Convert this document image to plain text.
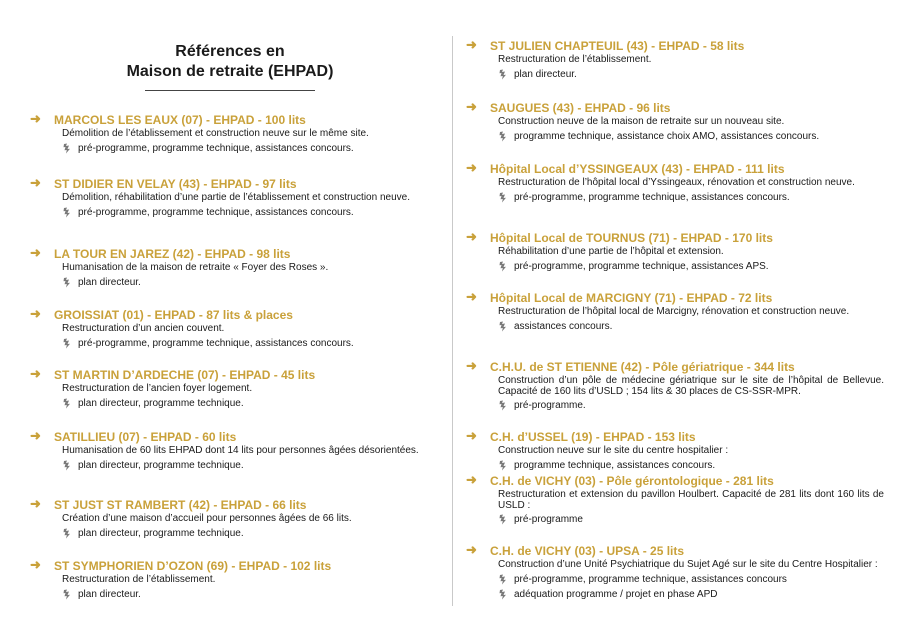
Références en
Maison de retraite (EHPAD)
➜ MARCOLS LES EAUX (07) - EHPAD - 100 lits
Démolition de l’établissement et construction neuve sur le même site.
pré-programme, programme technique, assistances concours.
➜ ST DIDIER EN VELAY (43) - EHPAD - 97 lits
Démolition, réhabilitation d’une partie de l’établissement et construction neuve.
pré-programme, programme technique, assistances concours.
➜ LA TOUR EN JAREZ (42) - EHPAD - 98 lits
Humanisation de la maison de retraite « Foyer des Roses ».
plan directeur.
➜ GROISSIAT (01) - EHPAD - 87 lits & places
Restructuration d’un ancien couvent.
pré-programme, programme technique, assistances concours.
➜ ST MARTIN D’ARDECHE (07) - EHPAD - 45 lits
Restructuration de l’ancien foyer logement.
plan directeur, programme technique.
➜ SATILLIEU (07) - EHPAD - 60 lits
Humanisation de 60 lits EHPAD dont 14 lits pour personnes âgées désorientées.
plan directeur, programme technique.
➜ ST JUST ST RAMBERT (42) - EHPAD - 66 lits
Création d’une maison d’accueil pour personnes âgées de 66 lits.
plan directeur, programme technique.
➜ ST SYMPHORIEN D’OZON (69) - EHPAD - 102 lits
Restructuration de l’établissement.
plan directeur.
➜ ST JULIEN CHAPTEUIL (43) - EHPAD - 58 lits
Restructuration de l’établissement.
plan directeur.
➜ SAUGUES (43) - EHPAD - 96 lits
Construction neuve de la maison de retraite sur un nouveau site.
programme technique, assistance choix AMO, assistances concours.
➜ Hôpital Local d’YSSINGEAUX (43) - EHPAD - 111 lits
Restructuration de l’hôpital local d’Yssingeaux, rénovation et construction neuve.
pré-programme, programme technique, assistances concours.
➜ Hôpital Local de TOURNUS (71) - EHPAD - 170 lits
Réhabilitation d’une partie de l’hôpital et extension.
pré-programme, programme technique, assistances APS.
➜ Hôpital Local de MARCIGNY (71) - EHPAD - 72 lits
Restructuration de l’hôpital local de Marcigny, rénovation et construction neuve.
assistances concours.
➜ C.H.U. de ST ETIENNE (42) - Pôle gériatrique - 344 lits
Construction d’un pôle de médecine gériatrique sur le site de l’hôpital de Bellevue. Capacité de 160 lits d’USLD ; 154 lits & 30 places de CS-SSR-MPR.
pré-programme.
➜ C.H. d’USSEL (19) - EHPAD - 153 lits
Construction neuve sur le site du centre hospitalier :
programme technique, assistances concours.
➜ C.H. de VICHY (03) - Pôle gérontologique - 281 lits
Restructuration et extension du pavillon Houlbert. Capacité de 281 lits dont 160 lits de USLD :
pré-programme
➜ C.H. de VICHY (03) - UPSA - 25 lits
Construction d’une Unité Psychiatrique du Sujet Agé sur le site du Centre Hospitalier :
pré-programme, programme technique, assistances concours
adéquation programme / projet en phase APD
